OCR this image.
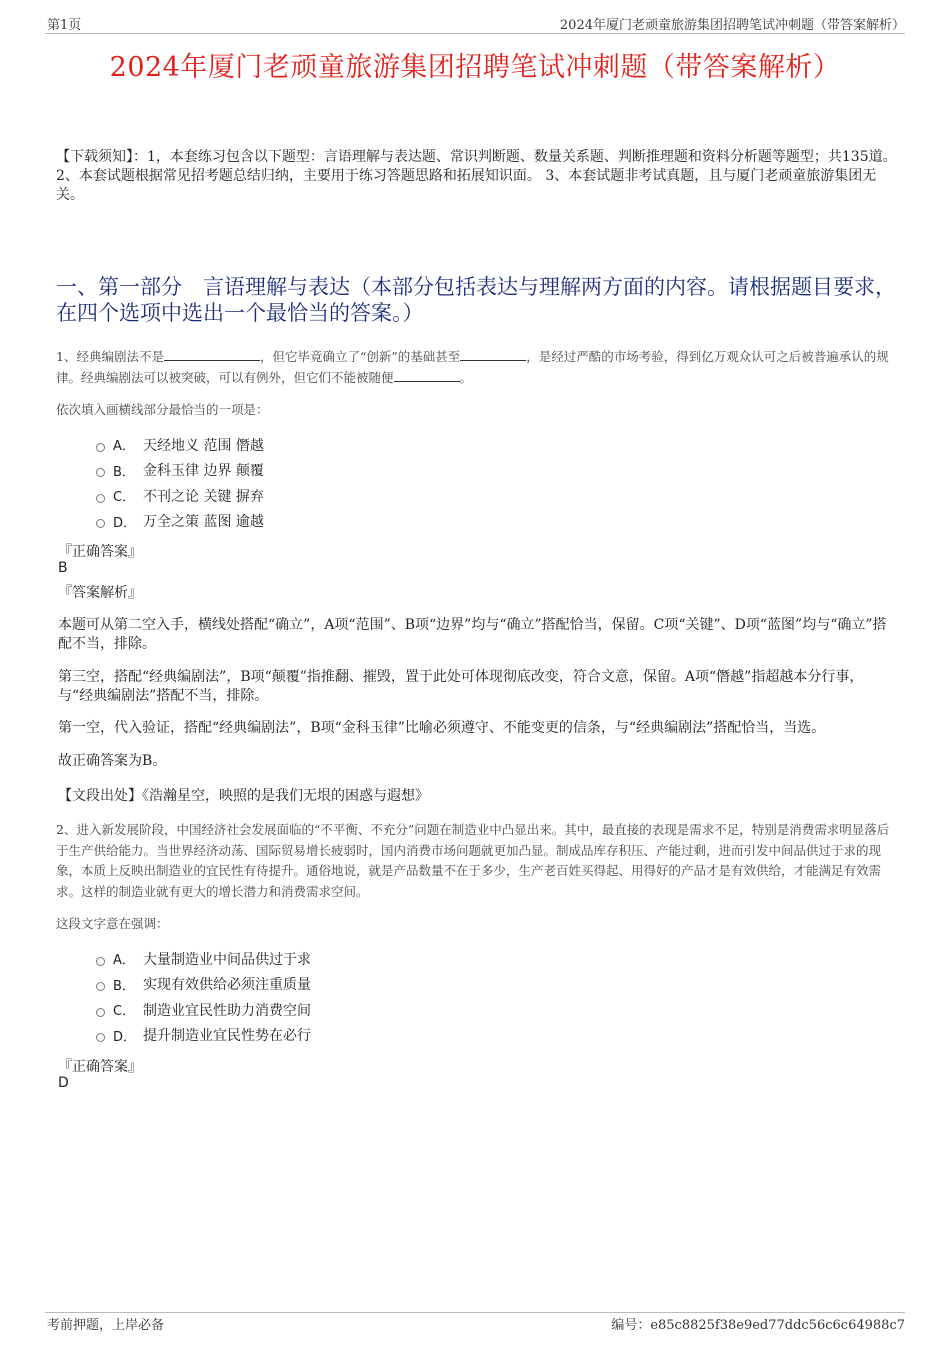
第1页	2024年厦门老顽童旅游集团招聘笔试冲刺题（带答案解析）
2024年厦门老顽童旅游集团招聘笔试冲刺题（带答案解析）
【下载须知】：1，本套练习包含以下题型：言语理解与表达题、常识判断题、数量关系题、判断推理题和资料分析题等题型；共135道。 2、本套试题根据常见招考题总结归纳，主要用于练习答题思路和拓展知识面。 3、本套试题非考试真题，且与厦门老顽童旅游集团无关。
一、第一部分　言语理解与表达（本部分包括表达与理解两方面的内容。请根据题目要求，在四个选项中选出一个最恰当的答案。）
1、经典编剧法不是	，但它毕竟确立了“创新”的基础甚至	，是经过严酷的市场考验，得到亿万观众认可之后被普遍承认的规律。经典编剧法可以被突破，可以有例外，但它们不能被随便	。
依次填入画横线部分最恰当的一项是：
A． 天经地义 范围 僭越
B． 金科玉律 边界 颠覆
C． 不刊之论 关键 摒弃
D． 万全之策 蓝图 逾越
『正确答案』
B
『答案解析』
本题可从第二空入手，横线处搭配“确立”，A项“范围”、B项“边界”均与“确立”搭配恰当，保留。C项“关键”、D项“蓝图”均与“确立”搭配不当，排除。
第三空，搭配“经典编剧法”，B项“颠覆”指推翻、摧毁，置于此处可体现彻底改变，符合文意，保留。A项“僭越”指超越本分行事，与“经典编剧法”搭配不当，排除。
第一空，代入验证，搭配“经典编剧法”，B项“金科玉律”比喻必须遵守、不能变更的信条，与“经典编剧法”搭配恰当，当选。
故正确答案为B。
【文段出处】《浩瀚星空，映照的是我们无垠的困惑与遐想》
2、进入新发展阶段，中国经济社会发展面临的“不平衡、不充分”问题在制造业中凸显出来。其中，最直接的表现是需求不足，特别是消费需求明显落后于生产供给能力。当世界经济动荡、国际贸易增长疲弱时，国内消费市场问题就更加凸显。制成品库存积压、产能过剩，进而引发中间品供过于求的现象，本质上反映出制造业的宜民性有待提升。通俗地说，就是产品数量不在于多少，生产老百姓买得起、用得好的产品才是有效供给，才能满足有效需求。这样的制造业就有更大的增长潜力和消费需求空间。
这段文字意在强调：
A． 大量制造业中间品供过于求
B． 实现有效供给必须注重质量
C． 制造业宜民性助力消费空间
D． 提升制造业宜民性势在必行
『正确答案』
D
考前押题，上岸必备	编号：e85c8825f38e9ed77ddc56c6c64988c7
